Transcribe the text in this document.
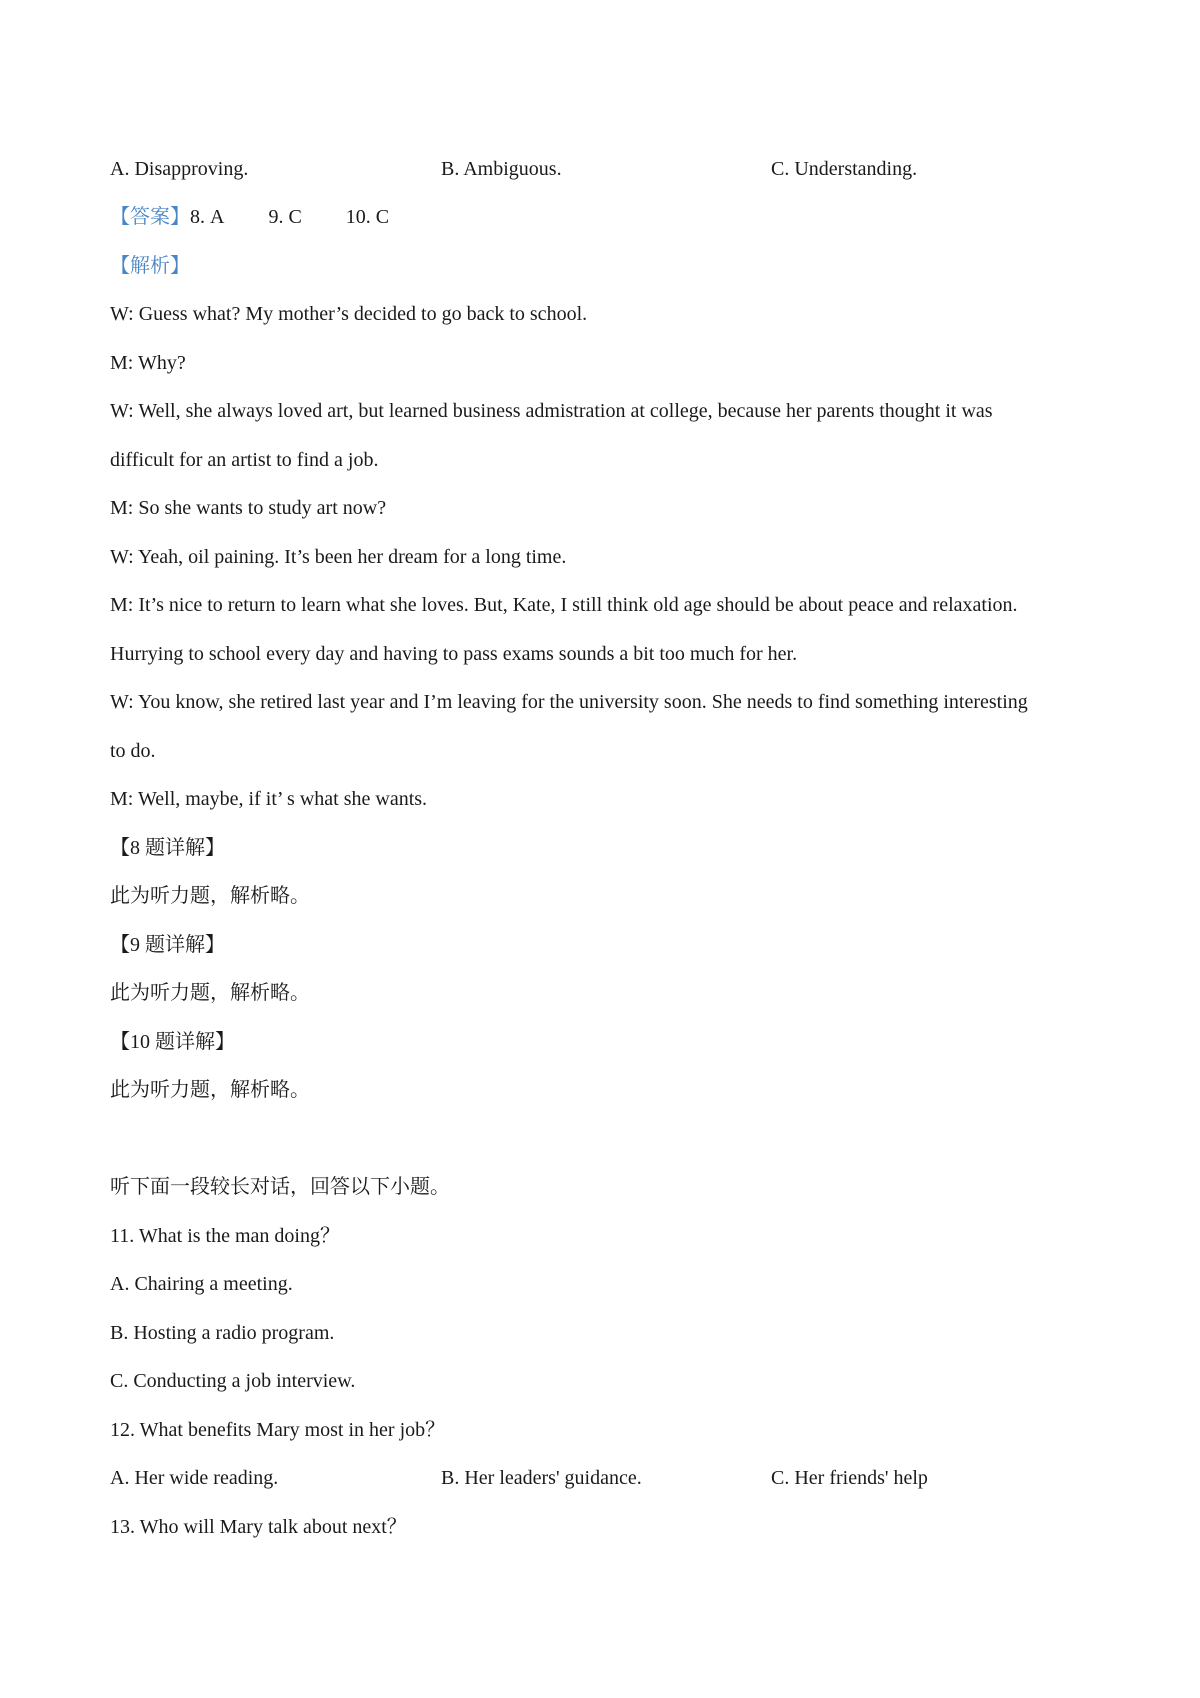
A. Disapproving.	B. Ambiguous.	C. Understanding.
【答案】8. A 9. C 10. C
【解析】
W: Guess what? My mother’s decided to go back to school.
M: Why?
W: Well, she always loved art, but learned business admistration at college, because her parents thought it was
difficult for an artist to find a job.
M: So she wants to study art now?
W: Yeah, oil paining. It’s been her dream for a long time.
M: It’s nice to return to learn what she loves. But, Kate, I still think old age should be about peace and relaxation.
Hurrying to school every day and having to pass exams sounds a bit too much for her.
W: You know, she retired last year and I’m leaving for the university soon. She needs to find something interesting
to do.
M: Well, maybe, if it’ s what she wants.
【8 题详解】
此为听力题，解析略。
【9 题详解】
此为听力题，解析略。
【10 题详解】
此为听力题，解析略。
听下面一段较长对话，回答以下小题。
11. What is the man doing？
A. Chairing a meeting.
B. Hosting a radio program.
C. Conducting a job interview.
12. What benefits Mary most in her job？
A. Her wide reading.	B. Her leaders' guidance.	C. Her friends' help
13. Who will Mary talk about next？
